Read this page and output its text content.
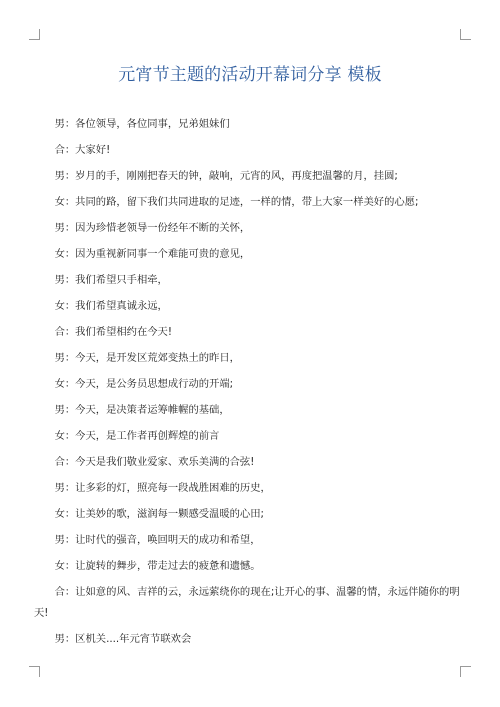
元宵节主题的活动开幕词分享 模板

男：各位领导，各位同事，兄弟姐妹们

合：大家好!

男：岁月的手，刚刚把春天的钟，敲响，元宵的风，再度把温馨的月，挂圆;

女：共同的路，留下我们共同进取的足迹，一样的情，带上大家一样美好的心愿;

男：因为珍惜老领导一份经年不断的关怀，

女：因为重视新同事一个难能可贵的意见，

男：我们希望只手相牵，

女：我们希望真诚永远，

合：我们希望相约在今天!

男：今天，是开发区荒郊变热土的昨日，

女：今天，是公务员思想成行动的开端;

男：今天，是决策者运筹帷幄的基础，

女：今天，是工作者再创辉煌的前言

合：今天是我们敬业爱家、欢乐美满的合弦!

男：让多彩的灯，照亮每一段战胜困难的历史，

女：让美妙的歌，滋润每一颗感受温暖的心田;

男：让时代的强音，唤回明天的成功和希望，

女：让旋转的舞步，带走过去的疲惫和遗憾。

合：让如意的风、吉祥的云，永远萦绕你的现在;让开心的事、温馨的情，永远伴随你的明天!

男：区机关....年元宵节联欢会
